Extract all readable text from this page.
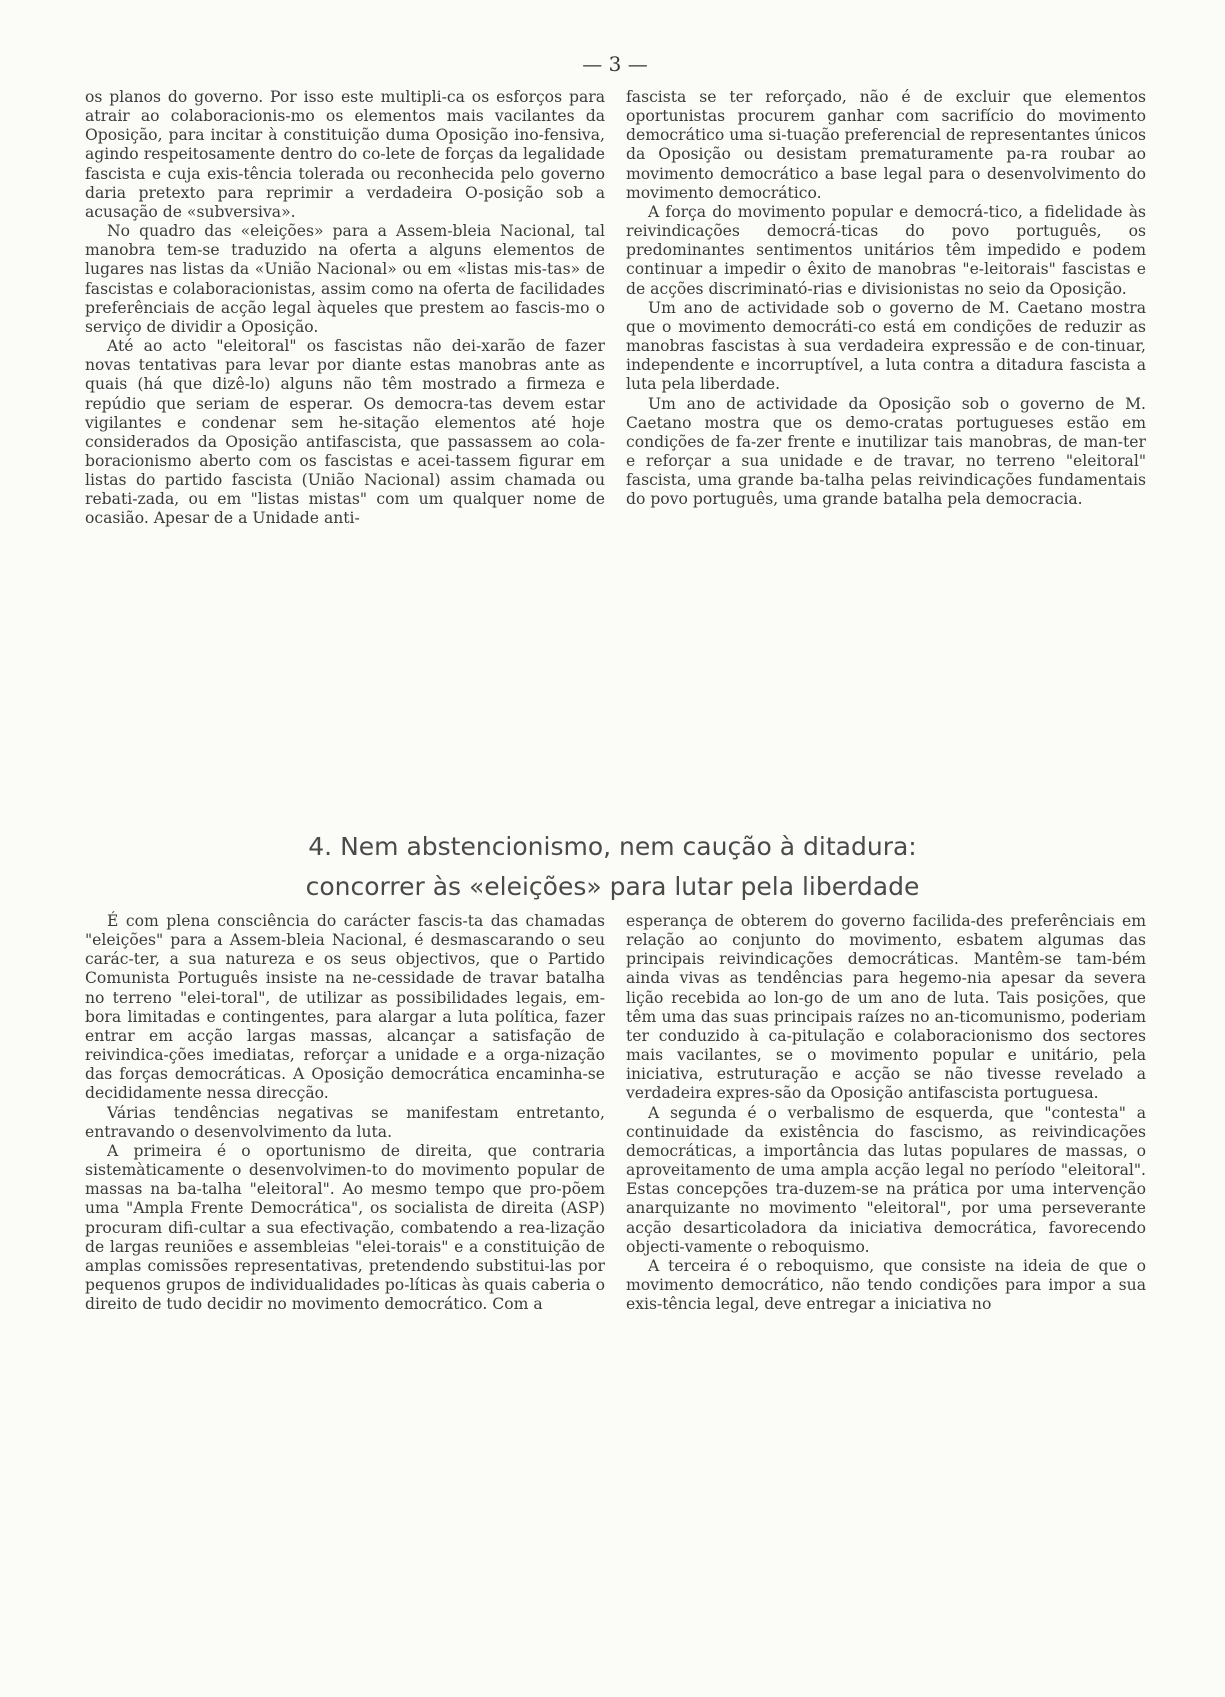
— 3 —

os planos do governo. Por isso este multipli-ca os esforços para atrair ao colaboracionis-mo os elementos mais vacilantes da Oposição, para incitar à constituição duma Oposição ino-fensiva, agindo respeitosamente dentro do co-lete de forças da legalidade fascista e cuja exis-tência tolerada ou reconhecida pelo governo daria pretexto para reprimir a verdadeira O-posição sob a acusação de «subversiva».

No quadro das «eleições» para a Assem-bleia Nacional, tal manobra tem-se traduzido na oferta a alguns elementos de lugares nas listas da «União Nacional» ou em «listas mis-tas» de fascistas e colaboracionistas, assim como na oferta de facilidades preferênciais de acção legal àqueles que prestem ao fascis-mo o serviço de dividir a Oposição.

Até ao acto "eleitoral" os fascistas não dei-xarão de fazer novas tentativas para levar por diante estas manobras ante as quais (há que dizê-lo) alguns não têm mostrado a firmeza e repúdio que seriam de esperar. Os democra-tas devem estar vigilantes e condenar sem he-sitação elementos até hoje considerados da Oposição antifascista, que passassem ao cola-boracionismo aberto com os fascistas e acei-tassem figurar em listas do partido fascista (União Nacional) assim chamada ou rebati-zada, ou em "listas mistas" com um qualquer nome de ocasião. Apesar de a Unidade anti-

fascista se ter reforçado, não é de excluir que elementos oportunistas procurem ganhar com sacrifício do movimento democrático uma si-tuação preferencial de representantes únicos da Oposição ou desistam prematuramente pa-ra roubar ao movimento democrático a base legal para o desenvolvimento do movimento democrático.

A força do movimento popular e democrá-tico, a fidelidade às reivindicações democrá-ticas do povo português, os predominantes sentimentos unitários têm impedido e podem continuar a impedir o êxito de manobras "e-leitorais" fascistas e de acções discriminató-rias e divisionistas no seio da Oposição.

Um ano de actividade sob o governo de M. Caetano mostra que o movimento democráti-co está em condições de reduzir as manobras fascistas à sua verdadeira expressão e de con-tinuar, independente e incorruptível, a luta contra a ditadura fascista a luta pela liberdade.

Um ano de actividade da Oposição sob o governo de M. Caetano mostra que os demo-cratas portugueses estão em condições de fa-zer frente e inutilizar tais manobras, de man-ter e reforçar a sua unidade e de travar, no terreno "eleitoral" fascista, uma grande ba-talha pelas reivindicações fundamentais do povo português, uma grande batalha pela democracia.

4. Nem abstencionismo, nem caução à ditadura:
concorrer às «eleições» para lutar pela liberdade

É com plena consciência do carácter fascis-ta das chamadas "eleições" para a Assem-bleia Nacional, é desmascarando o seu carác-ter, a sua natureza e os seus objectivos, que o Partido Comunista Português insiste na ne-cessidade de travar batalha no terreno "elei-toral", de utilizar as possibilidades legais, em-bora limitadas e contingentes, para alargar a luta política, fazer entrar em acção largas massas, alcançar a satisfação de reivindica-ções imediatas, reforçar a unidade e a orga-nização das forças democráticas. A Oposição democrática encaminha-se decididamente nessa direcção.

Várias tendências negativas se manifestam entretanto, entravando o desenvolvimento da luta.

A primeira é o oportunismo de direita, que contraria sistemàticamente o desenvolvimen-to do movimento popular de massas na ba-talha "eleitoral". Ao mesmo tempo que pro-põem uma "Ampla Frente Democrática", os socialista de direita (ASP) procuram difi-cultar a sua efectivação, combatendo a rea-lização de largas reuniões e assembleias "elei-torais" e a constituição de amplas comissões representativas, pretendendo substitui-las por pequenos grupos de individualidades po-líticas às quais caberia o direito de tudo decidir no movimento democrático. Com a

esperança de obterem do governo facilida-des preferênciais em relação ao conjunto do movimento, esbatem algumas das principais reivindicações democráticas. Mantêm-se tam-bém ainda vivas as tendências para hegemo-nia apesar da severa lição recebida ao lon-go de um ano de luta. Tais posições, que têm uma das suas principais raízes no an-ticomunismo, poderiam ter conduzido à ca-pitulação e colaboracionismo dos sectores mais vacilantes, se o movimento popular e unitário, pela iniciativa, estruturação e acção se não tivesse revelado a verdadeira expres-são da Oposição antifascista portuguesa.

A segunda é o verbalismo de esquerda, que "contesta" a continuidade da existência do fascismo, as reivindicações democráticas, a importância das lutas populares de massas, o aproveitamento de uma ampla acção legal no período "eleitoral". Estas concepções tra-duzem-se na prática por uma intervenção anarquizante no movimento "eleitoral", por uma perseverante acção desarticoladora da iniciativa democrática, favorecendo objecti-vamente o reboquismo.

A terceira é o reboquismo, que consiste na ideia de que o movimento democrático, não tendo condições para impor a sua exis-tência legal, deve entregar a iniciativa no
